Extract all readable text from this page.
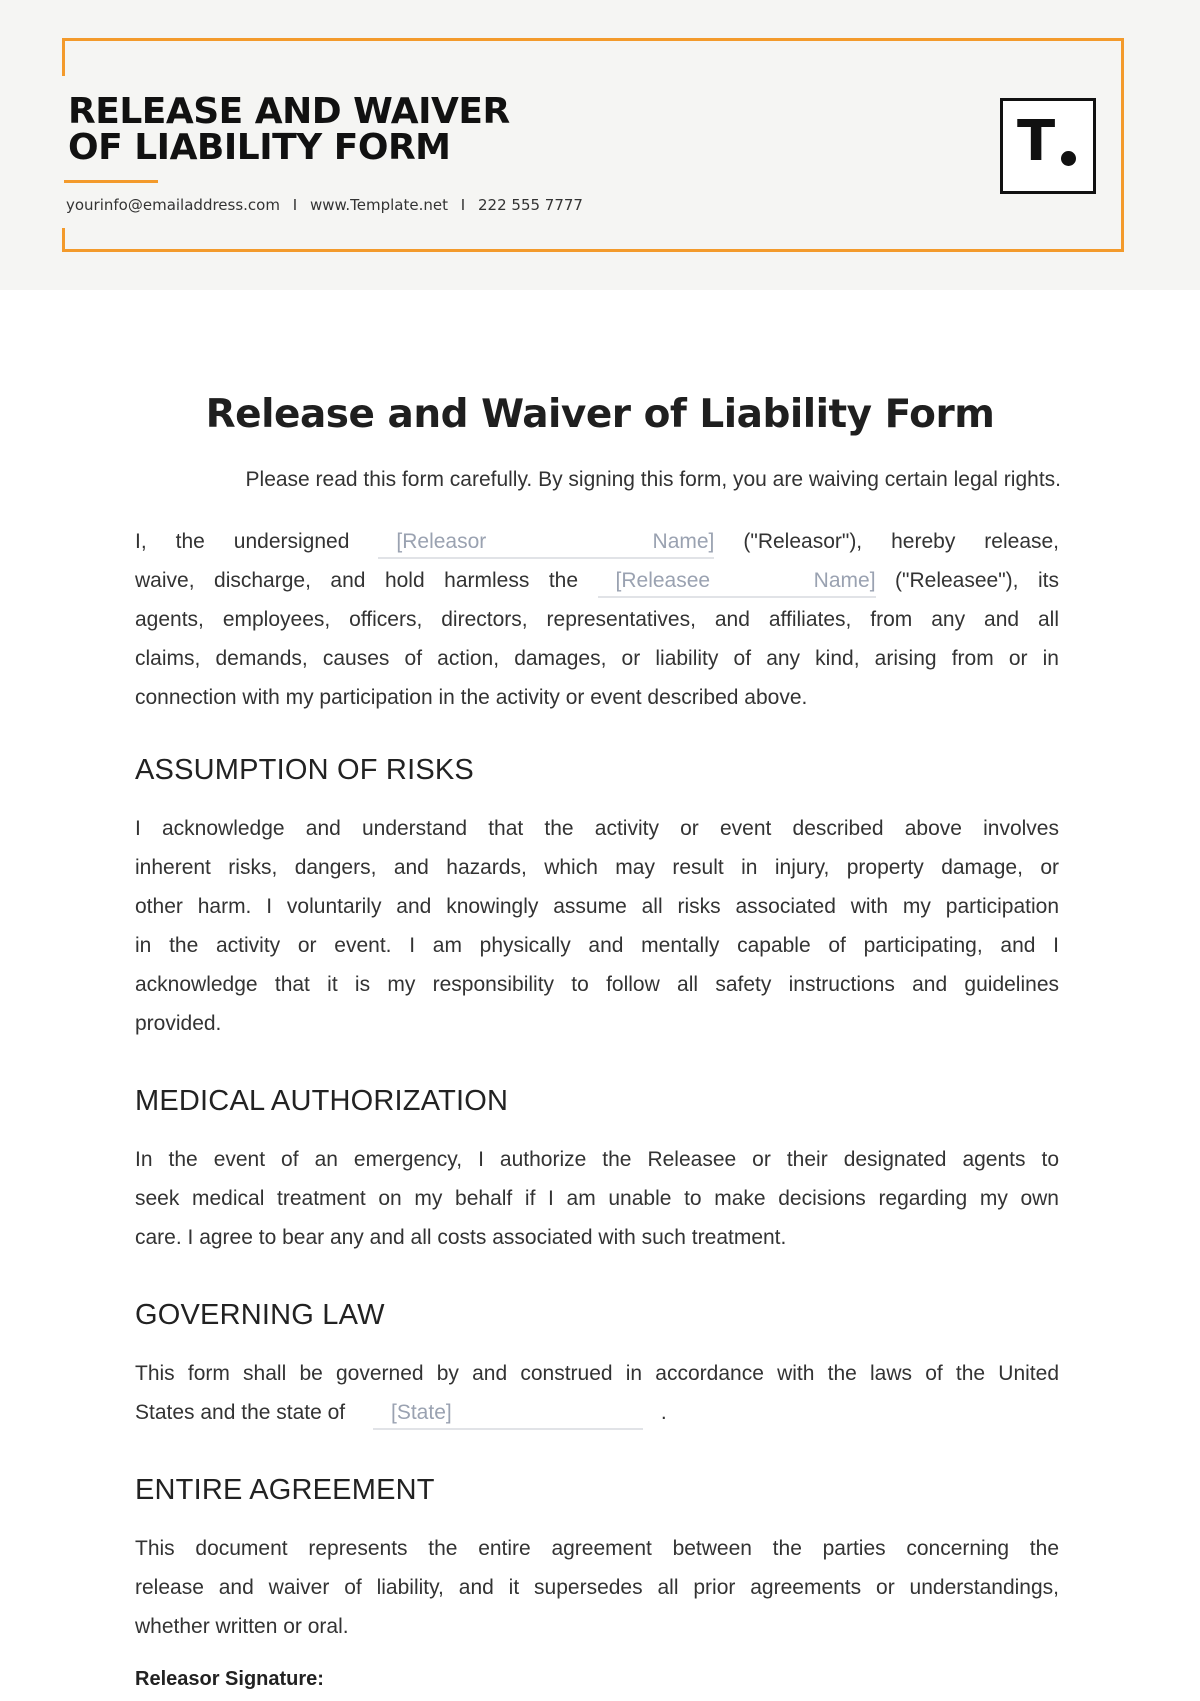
RELEASE AND WAIVER
OF LIABILITY FORM
yourinfo@emailaddress.com I www.Template.net I 222 555 7777
T
Release and Waiver of Liability Form

Please read this form carefully. By signing this form, you are waiving certain legal rights.

I, the undersigned [Releasor Name] ("Releasor"), hereby release,
waive, discharge, and hold harmless the [Releasee Name] ("Releasee"), its
agents, employees, officers, directors, representatives, and affiliates, from any and all
claims, demands, causes of action, damages, or liability of any kind, arising from or in
connection with my participation in the activity or event described above.
ASSUMPTION OF RISKS
I acknowledge and understand that the activity or event described above involves
inherent risks, dangers, and hazards, which may result in injury, property damage, or
other harm. I voluntarily and knowingly assume all risks associated with my participation
in the activity or event. I am physically and mentally capable of participating, and I
acknowledge that it is my responsibility to follow all safety instructions and guidelines
provided.
MEDICAL AUTHORIZATION
In the event of an emergency, I authorize the Releasee or their designated agents to
seek medical treatment on my behalf if I am unable to make decisions regarding my own
care. I agree to bear any and all costs associated with such treatment.
GOVERNING LAW
This form shall be governed by and construed in accordance with the laws of the United
States and the state of [State]	.
ENTIRE AGREEMENT
This document represents the entire agreement between the parties concerning the
release and waiver of liability, and it supersedes all prior agreements or understandings,
whether written or oral.

Releasor Signature:
